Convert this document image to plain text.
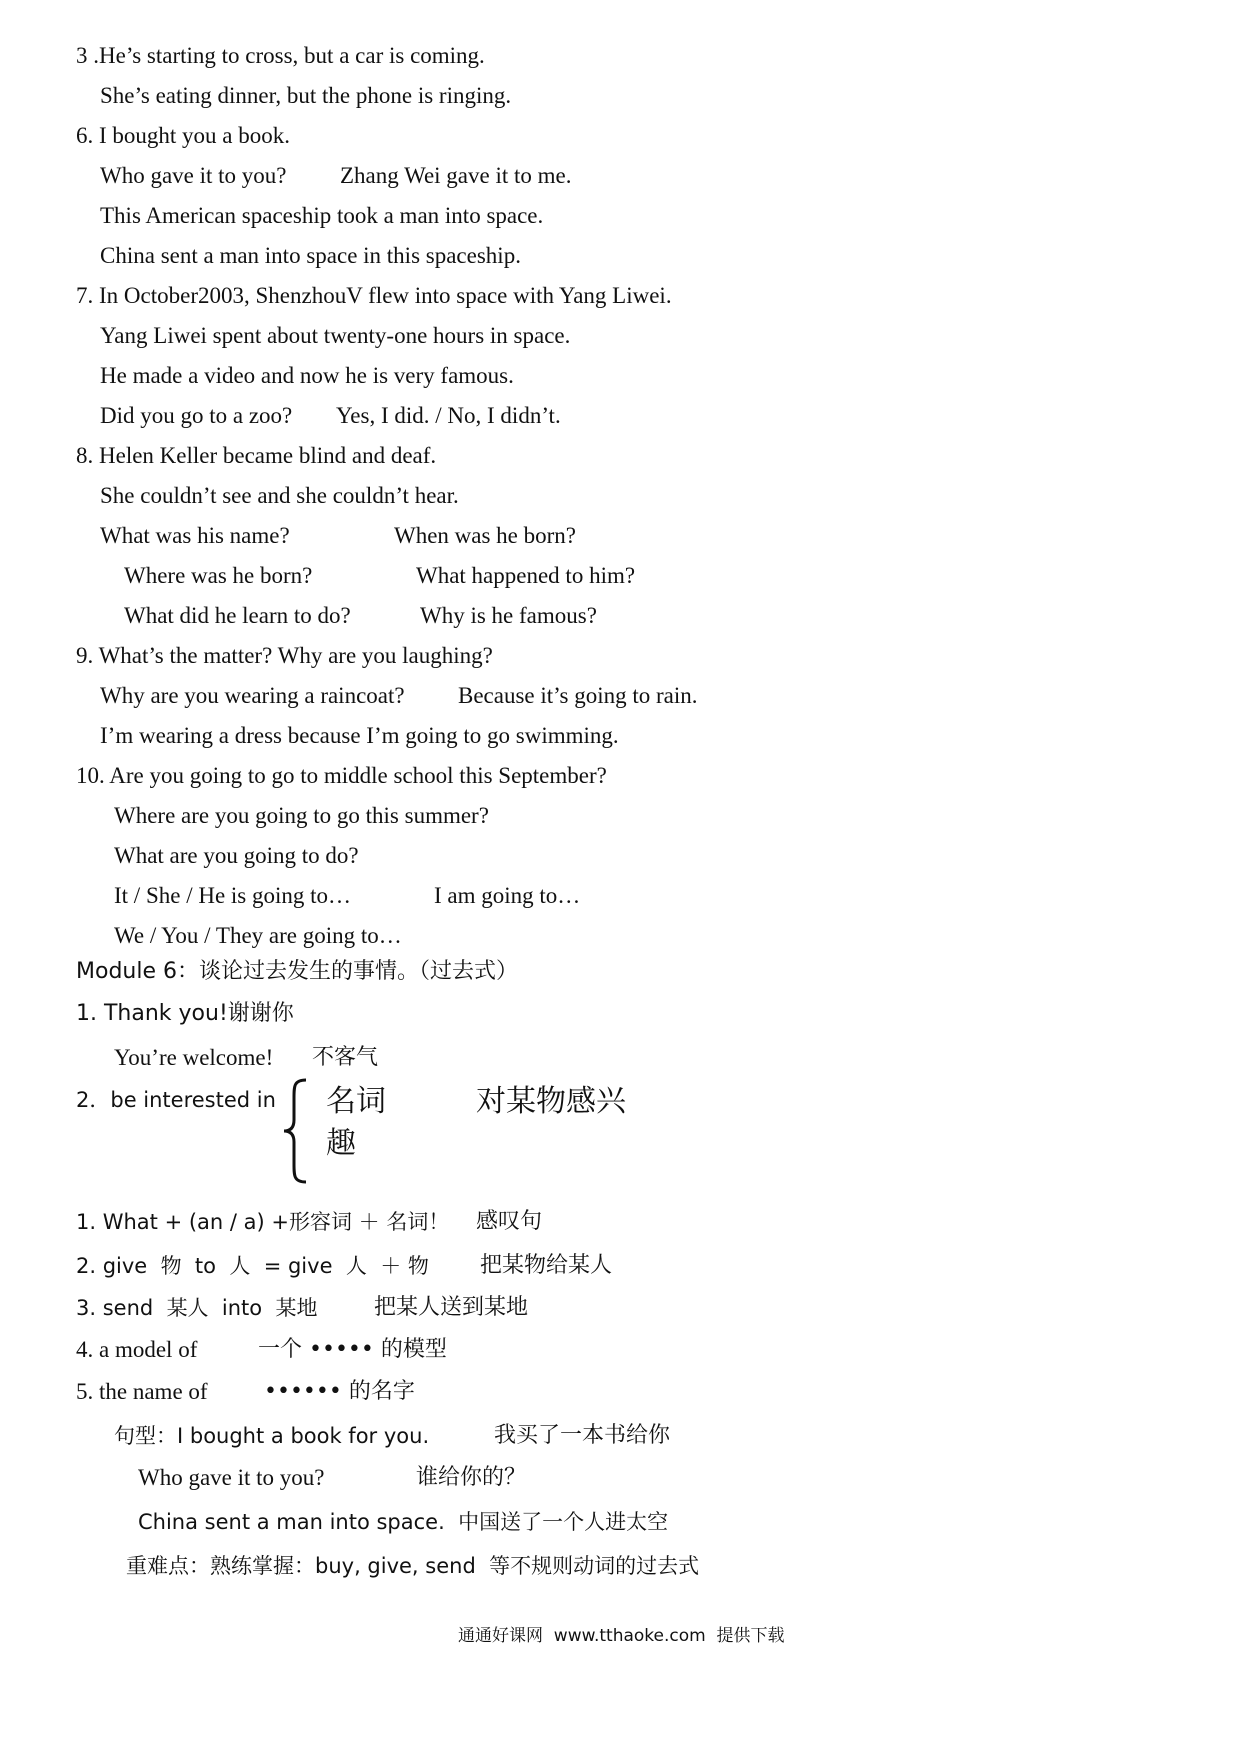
3 .He’s starting to cross, but a car is coming.
She’s eating dinner, but the phone is ringing.
6. I bought you a book.
Who gave it to you? Zhang Wei gave it to me.
This American spaceship took a man into space.
China sent a man into space in this spaceship.
7. In October2003, ShenzhouV flew into space with Yang Liwei.
Yang Liwei spent about twenty-one hours in space.
He made a video and now he is very famous.
Did you go to a zoo? Yes, I did. / No, I didn’t.
8. Helen Keller became blind and deaf.
She couldn’t see and she couldn’t hear.
What was his name?	When was he born?
Where was he born?	What happened to him?
What did he learn to do?	Why is he famous?
9. What’s the matter? Why are you laughing?
Why are you wearing a raincoat? Because it’s going to rain.
I’m wearing a dress because I’m going to go swimming.
10. Are you going to go to middle school this September?
Where are you going to go this summer?
What are you going to do?
It / She / He is going to…	I am going to…
We / You / They are going to…
Module 6：谈论过去发生的事情。（过去式）
1. Thank you!谢谢你
You’re welcome! 不客气
2．be interested in 名词	对某物感兴
趣
1. What + (an / a) +形容词 ＋ 名词！ 感叹句
2. give  物  to  人  = give  人  ＋ 物 把某物给某人
3. send  某人  into  某地	把某人送到某地
4. a model of	一个 ••••• 的模型
5. the name of	•••••• 的名字
句型：I bought a book for you.	我买了一本书给你
Who gave it to you?	谁给你的？
China sent a man into space.  中国送了一个人进太空
重难点：熟练掌握：buy, give, send  等不规则动词的过去式
通通好课网  www.tthaoke.com  提供下载
